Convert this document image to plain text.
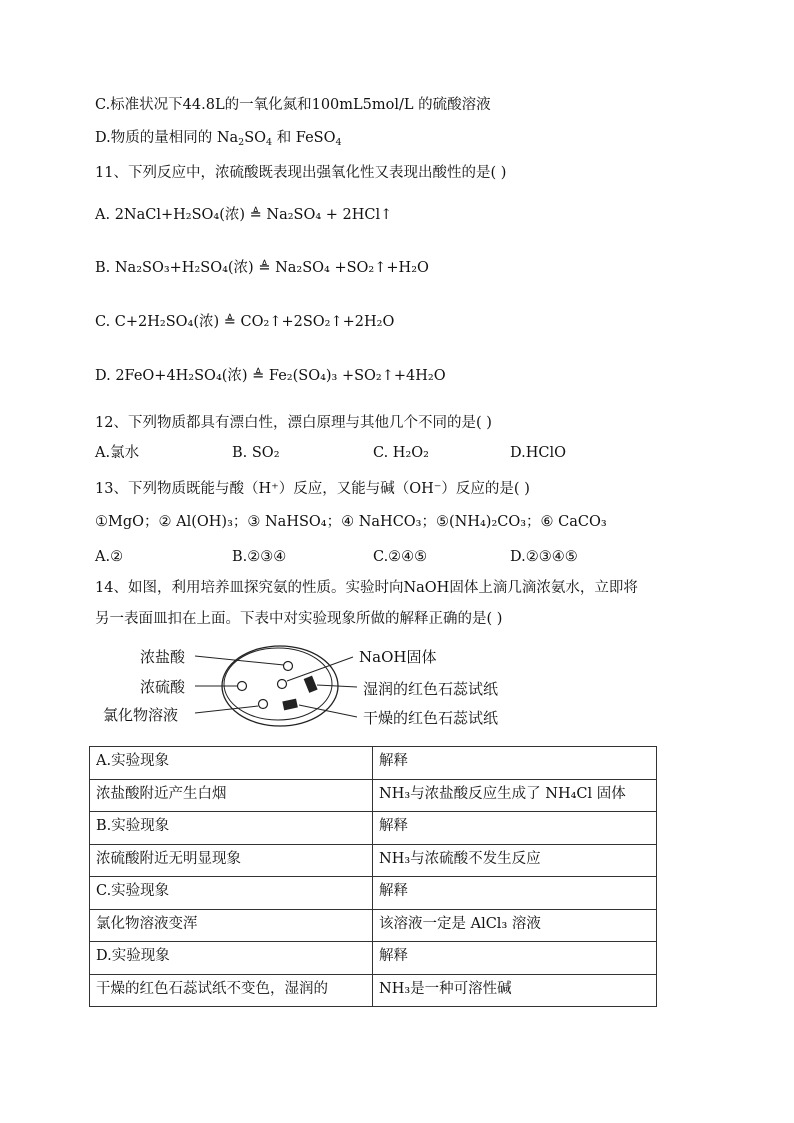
C.标准状况下44.8L的一氧化氮和100mL5mol/L 的硫酸溶液
D.物质的量相同的 $Na_2SO_4$ 和 FeSO$_4$
11、下列反应中，浓硫酸既表现出强氧化性又表现出酸性的是( )
A. 2NaCl+H₂SO₄(浓) ≜ Na₂SO₄ + 2HCl↑
B. Na₂SO₃+H₂SO₄(浓) ≜ Na₂SO₄ +SO₂↑+H₂O
C. C+2H₂SO₄(浓) ≜ CO₂↑+2SO₂↑+2H₂O
D. 2FeO+4H₂SO₄(浓) ≜ Fe₂(SO₄)₃ +SO₂↑+4H₂O
12、下列物质都具有漂白性，漂白原理与其他几个不同的是( )
A.氯水	B. SO₂	C. H₂O₂	D.HClO
13、下列物质既能与酸（H⁺）反应，又能与碱（OH⁻）反应的是( )
①MgO；② Al(OH)₃；③ NaHSO₄；④ NaHCO₃；⑤(NH₄)₂CO₃；⑥ CaCO₃
A.②	B.②③④	C.②④⑤	D.②③④⑤
14、如图，利用培养皿探究氨的性质。实验时向NaOH固体上滴几滴浓氨水，立即将
另一表面皿扣在上面。下表中对实验现象所做的解释正确的是( )
浓盐酸
浓硫酸
氯化物溶液
NaOH固体
湿润的红色石蕊试纸
干燥的红色石蕊试纸
A.实验现象	解释

浓盐酸附近产生白烟	NH₃与浓盐酸反应生成了 NH₄Cl 固体

B.实验现象	解释

浓硫酸附近无明显现象	NH₃与浓硫酸不发生反应

C.实验现象	解释

氯化物溶液变浑	该溶液一定是 AlCl₃ 溶液

D.实验现象	解释

干燥的红色石蕊试纸不变色，湿润的	NH₃是一种可溶性碱
